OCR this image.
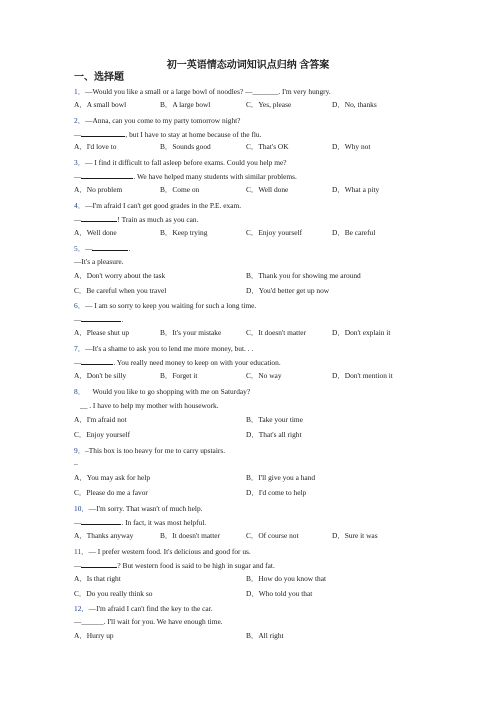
初一英语情态动词知识点归纳 含答案
一、选择题
1．—Would you like a small or a large bowl of noodles? —_______. I'm very hungry.
A．A small bowl	B．A large bowl	C．Yes, please	D．No, thanks
2．—Anna, can you come to my party tomorrow night?
—	, but I have to stay at home because of the flu.
A．I'd love to	B．Sounds good	C．That's OK	D．Why not
3．— I find it difficult to fall asleep before exams. Could you help me?
—	. We have helped many students with similar problems.
A．No problem	B．Come on	C．Well done	D．What a pity
4．—I'm afraid I can't get good grades in the P.E. exam.
—	! Train as much as you can.
A．Well done	B．Keep trying	C．Enjoy yourself	D．Be careful
5．—	.
—It's a pleasure.
A．Don't worry about the task	B．Thank you for showing me around
C．Be careful when you travel	D．You'd better get up now
6．— I am so sorry to keep you waiting for such a long time.
—	.
A．Please shut up	B．It's your mistake	C．It doesn't matter	D．Don't explain it
7．—It's a shame to ask you to lend me more money, but. . .
—	. You really need money to keep on with your education.
A．Don't be silly	B．Forget it	C．No way	D．Don't mention it
8． Would you like to go shopping with me on Saturday?
__ . I have to help my mother with housework.
A．I'm afraid not	B．Take your time
C．Enjoy yourself	D．That's all right
9．–This box is too heavy for me to carry upstairs.
–
A．You may ask for help	B．I'll give you a hand
C．Please do me a favor	D．I'd come to help
10．—I'm sorry. That wasn't of much help.
—	. In fact, it was most helpful.
A．Thanks anyway	B．It doesn't matter	C．Of course not	D．Sure it was
11．— I prefer western food. It's delicious and good for us.
—	? But western food is said to be high in sugar and fat.
A．Is that right	B．How do you know that
C．Do you really think so	D．Who told you that
12．—I'm afraid I can't find the key to the car.
—______. I'll wait for you. We have enough time.
A．Hurry up	B．All right
